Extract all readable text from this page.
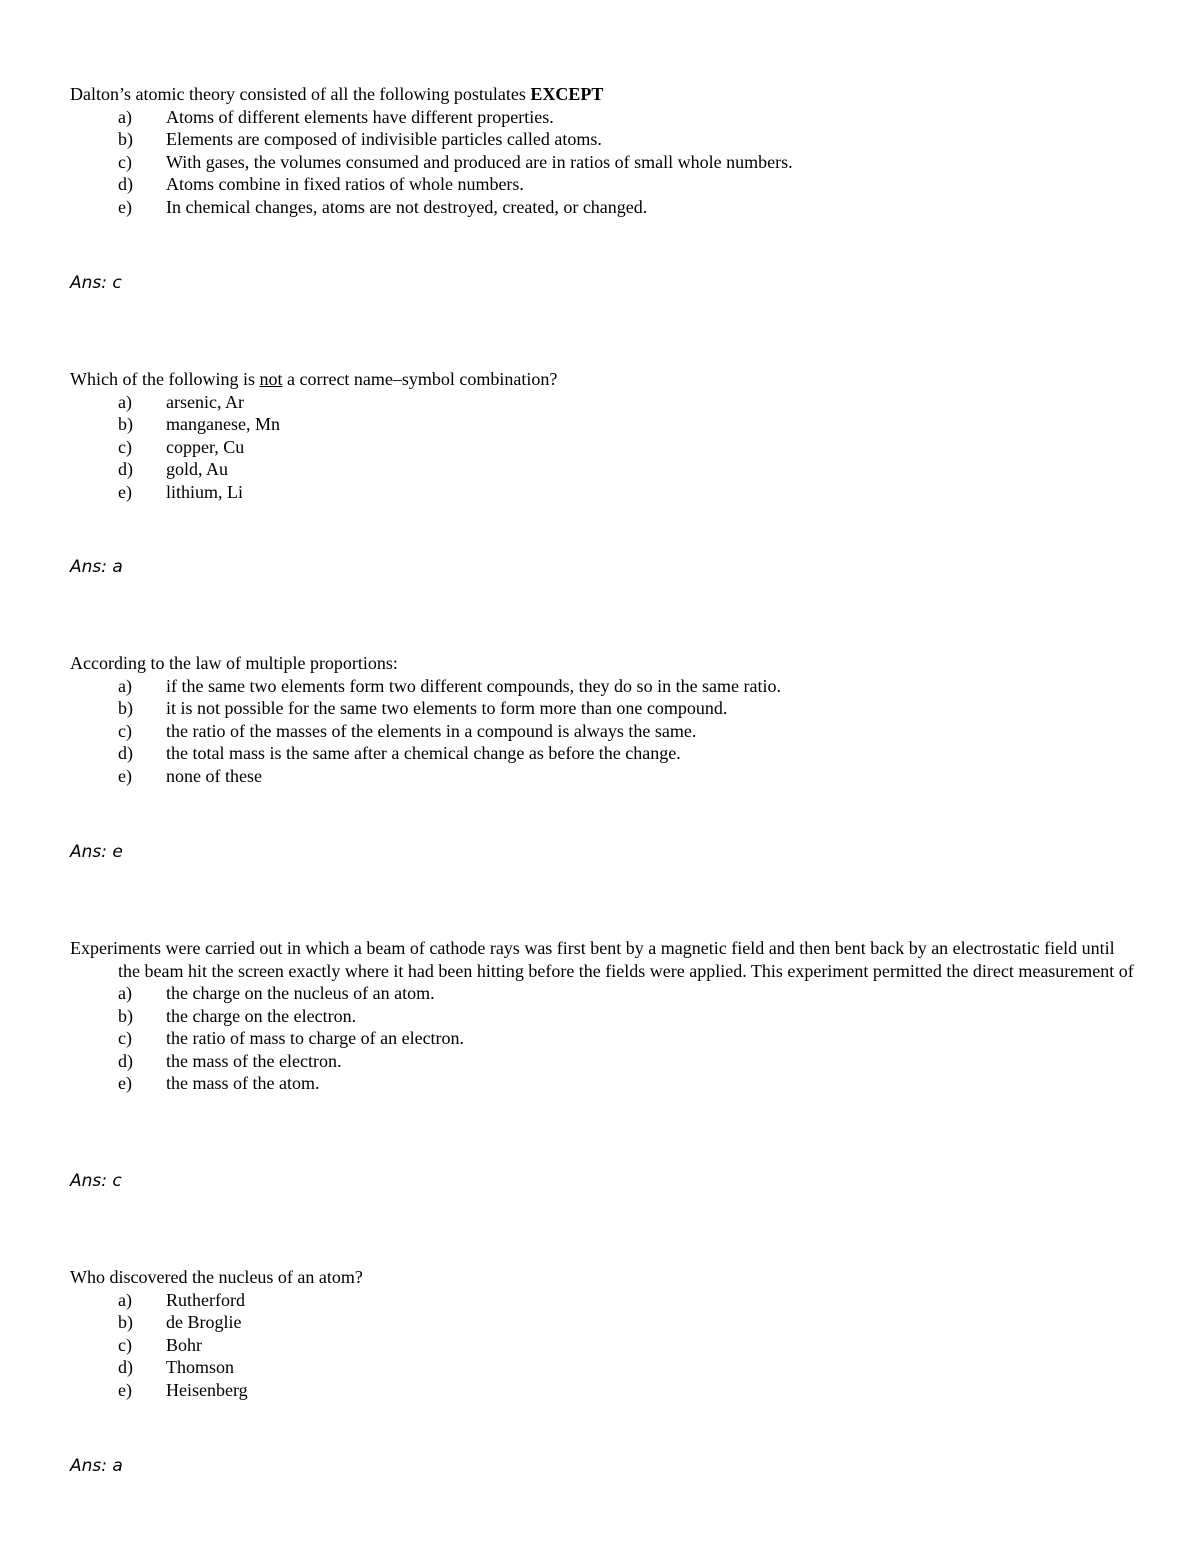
Dalton’s atomic theory consisted of all the following postulates EXCEPT

a) Atoms of different elements have different properties.
b) Elements are composed of indivisible particles called atoms.
c) With gases, the volumes consumed and produced are in ratios of small whole numbers.
d) Atoms combine in fixed ratios of whole numbers.
e) In chemical changes, atoms are not destroyed, created, or changed.

Ans: c

Which of the following is not a correct name–symbol combination?

a) arsenic, Ar
b) manganese, Mn
c) copper, Cu
d) gold, Au
e) lithium, Li

Ans: a

According to the law of multiple proportions:

a) if the same two elements form two different compounds, they do so in the same ratio.
b) it is not possible for the same two elements to form more than one compound.
c) the ratio of the masses of the elements in a compound is always the same.
d) the total mass is the same after a chemical change as before the change.
e) none of these

Ans: e

Experiments were carried out in which a beam of cathode rays was first bent by a magnetic field and then bent back by an electrostatic field until the beam hit the screen exactly where it had been hitting before the fields were applied. This experiment permitted the direct measurement of

a) the charge on the nucleus of an atom.
b) the charge on the electron.
c) the ratio of mass to charge of an electron.
d) the mass of the electron.
e) the mass of the atom.

Ans: c

Who discovered the nucleus of an atom?

a) Rutherford
b) de Broglie
c) Bohr
d) Thomson
e) Heisenberg

Ans: a
